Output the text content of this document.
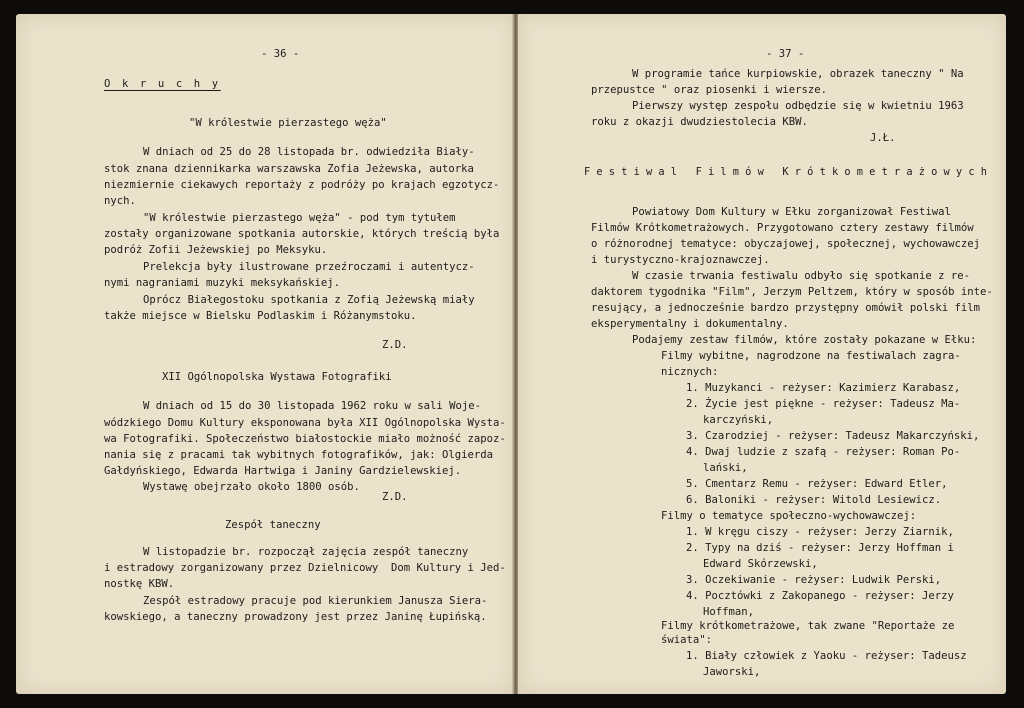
- 36 -
O k r u c h y
"W królestwie pierzastego węża"
W dniach od 25 do 28 listopada br. odwiedziła Biały-
stok znana dziennikarka warszawska Zofia Jeżewska, autorka
niezmiernie ciekawych reportaży z podróży po krajach egzotycz-
nych.
"W królestwie pierzastego węża" - pod tym tytułem
zostały organizowane spotkania autorskie, których treścią była
podróż Zofii Jeżewskiej po Meksyku.
Prelekcja były ilustrowane przeźroczami i autentycz-
nymi nagraniami muzyki meksykańskiej.
Oprócz Białegostoku spotkania z Zofią Jeżewską miały
także miejsce w Bielsku Podlaskim i Różanymstoku.
Z.D.
XII Ogólnopolska Wystawa Fotografiki
W dniach od 15 do 30 listopada 1962 roku w sali Woje-
wódzkiego Domu Kultury eksponowana była XII Ogólnopolska Wysta-
wa Fotografiki. Społeczeństwo białostockie miało możność zapoz-
nania się z pracami tak wybitnych fotografików, jak: Olgierda
Gałdyńskiego, Edwarda Hartwiga i Janiny Gardzielewskiej.
Wystawę obejrzało około 1800 osób.
Z.D.
Zespół taneczny
W listopadzie br. rozpoczął zajęcia zespół taneczny
i estradowy zorganizowany przez Dzielnicowy  Dom Kultury i Jed-
nostkę KBW.
Zespół estradowy pracuje pod kierunkiem Janusza Siera-
kowskiego, a taneczny prowadzony jest przez Janinę Łupińską.
- 37 -
W programie tańce kurpiowskie, obrazek taneczny " Na
przepustce " oraz piosenki i wiersze.
Pierwszy występ zespołu odbędzie się w kwietniu 1963
roku z okazji dwudziestolecia KBW.
J.Ł.
F e s t i w a l   F i l m ó w   K r ó t k o m e t r a ż o w y c h
Powiatowy Dom Kultury w Ełku zorganizował Festiwal
Filmów Krótkometrażowych. Przygotowano cztery zestawy filmów
o różnorodnej tematyce: obyczajowej, społecznej, wychowawczej
i turystyczno-krajoznawczej.
W czasie trwania festiwalu odbyło się spotkanie z re-
daktorem tygodnika "Film", Jerzym Peltzem, który w sposób inte-
resujący, a jednocześnie bardzo przystępny omówił polski film
eksperymentalny i dokumentalny.
Podajemy zestaw filmów, które zostały pokazane w Ełku:
Filmy wybitne, nagrodzone na festiwalach zagra-
nicznych:
1. Muzykanci - reżyser: Kazimierz Karabasz,
2. Życie jest piękne - reżyser: Tadeusz Ma-
karczyński,
3. Czarodziej - reżyser: Tadeusz Makarczyński,
4. Dwaj ludzie z szafą - reżyser: Roman Po-
lański,
5. Cmentarz Remu - reżyser: Edward Etler,
6. Baloniki - reżyser: Witold Lesiewicz.
Filmy o tematyce społeczno-wychowawczej:
1. W kręgu ciszy - reżyser: Jerzy Ziarnik,
2. Typy na dziś - reżyser: Jerzy Hoffman i
Edward Skórzewski,
3. Oczekiwanie - reżyser: Ludwik Perski,
4. Pocztówki z Zakopanego - reżyser: Jerzy
Hoffman,
Filmy krótkometrażowe, tak zwane "Reportaże ze
świata":
1. Biały człowiek z Yaoku - reżyser: Tadeusz
Jaworski,
